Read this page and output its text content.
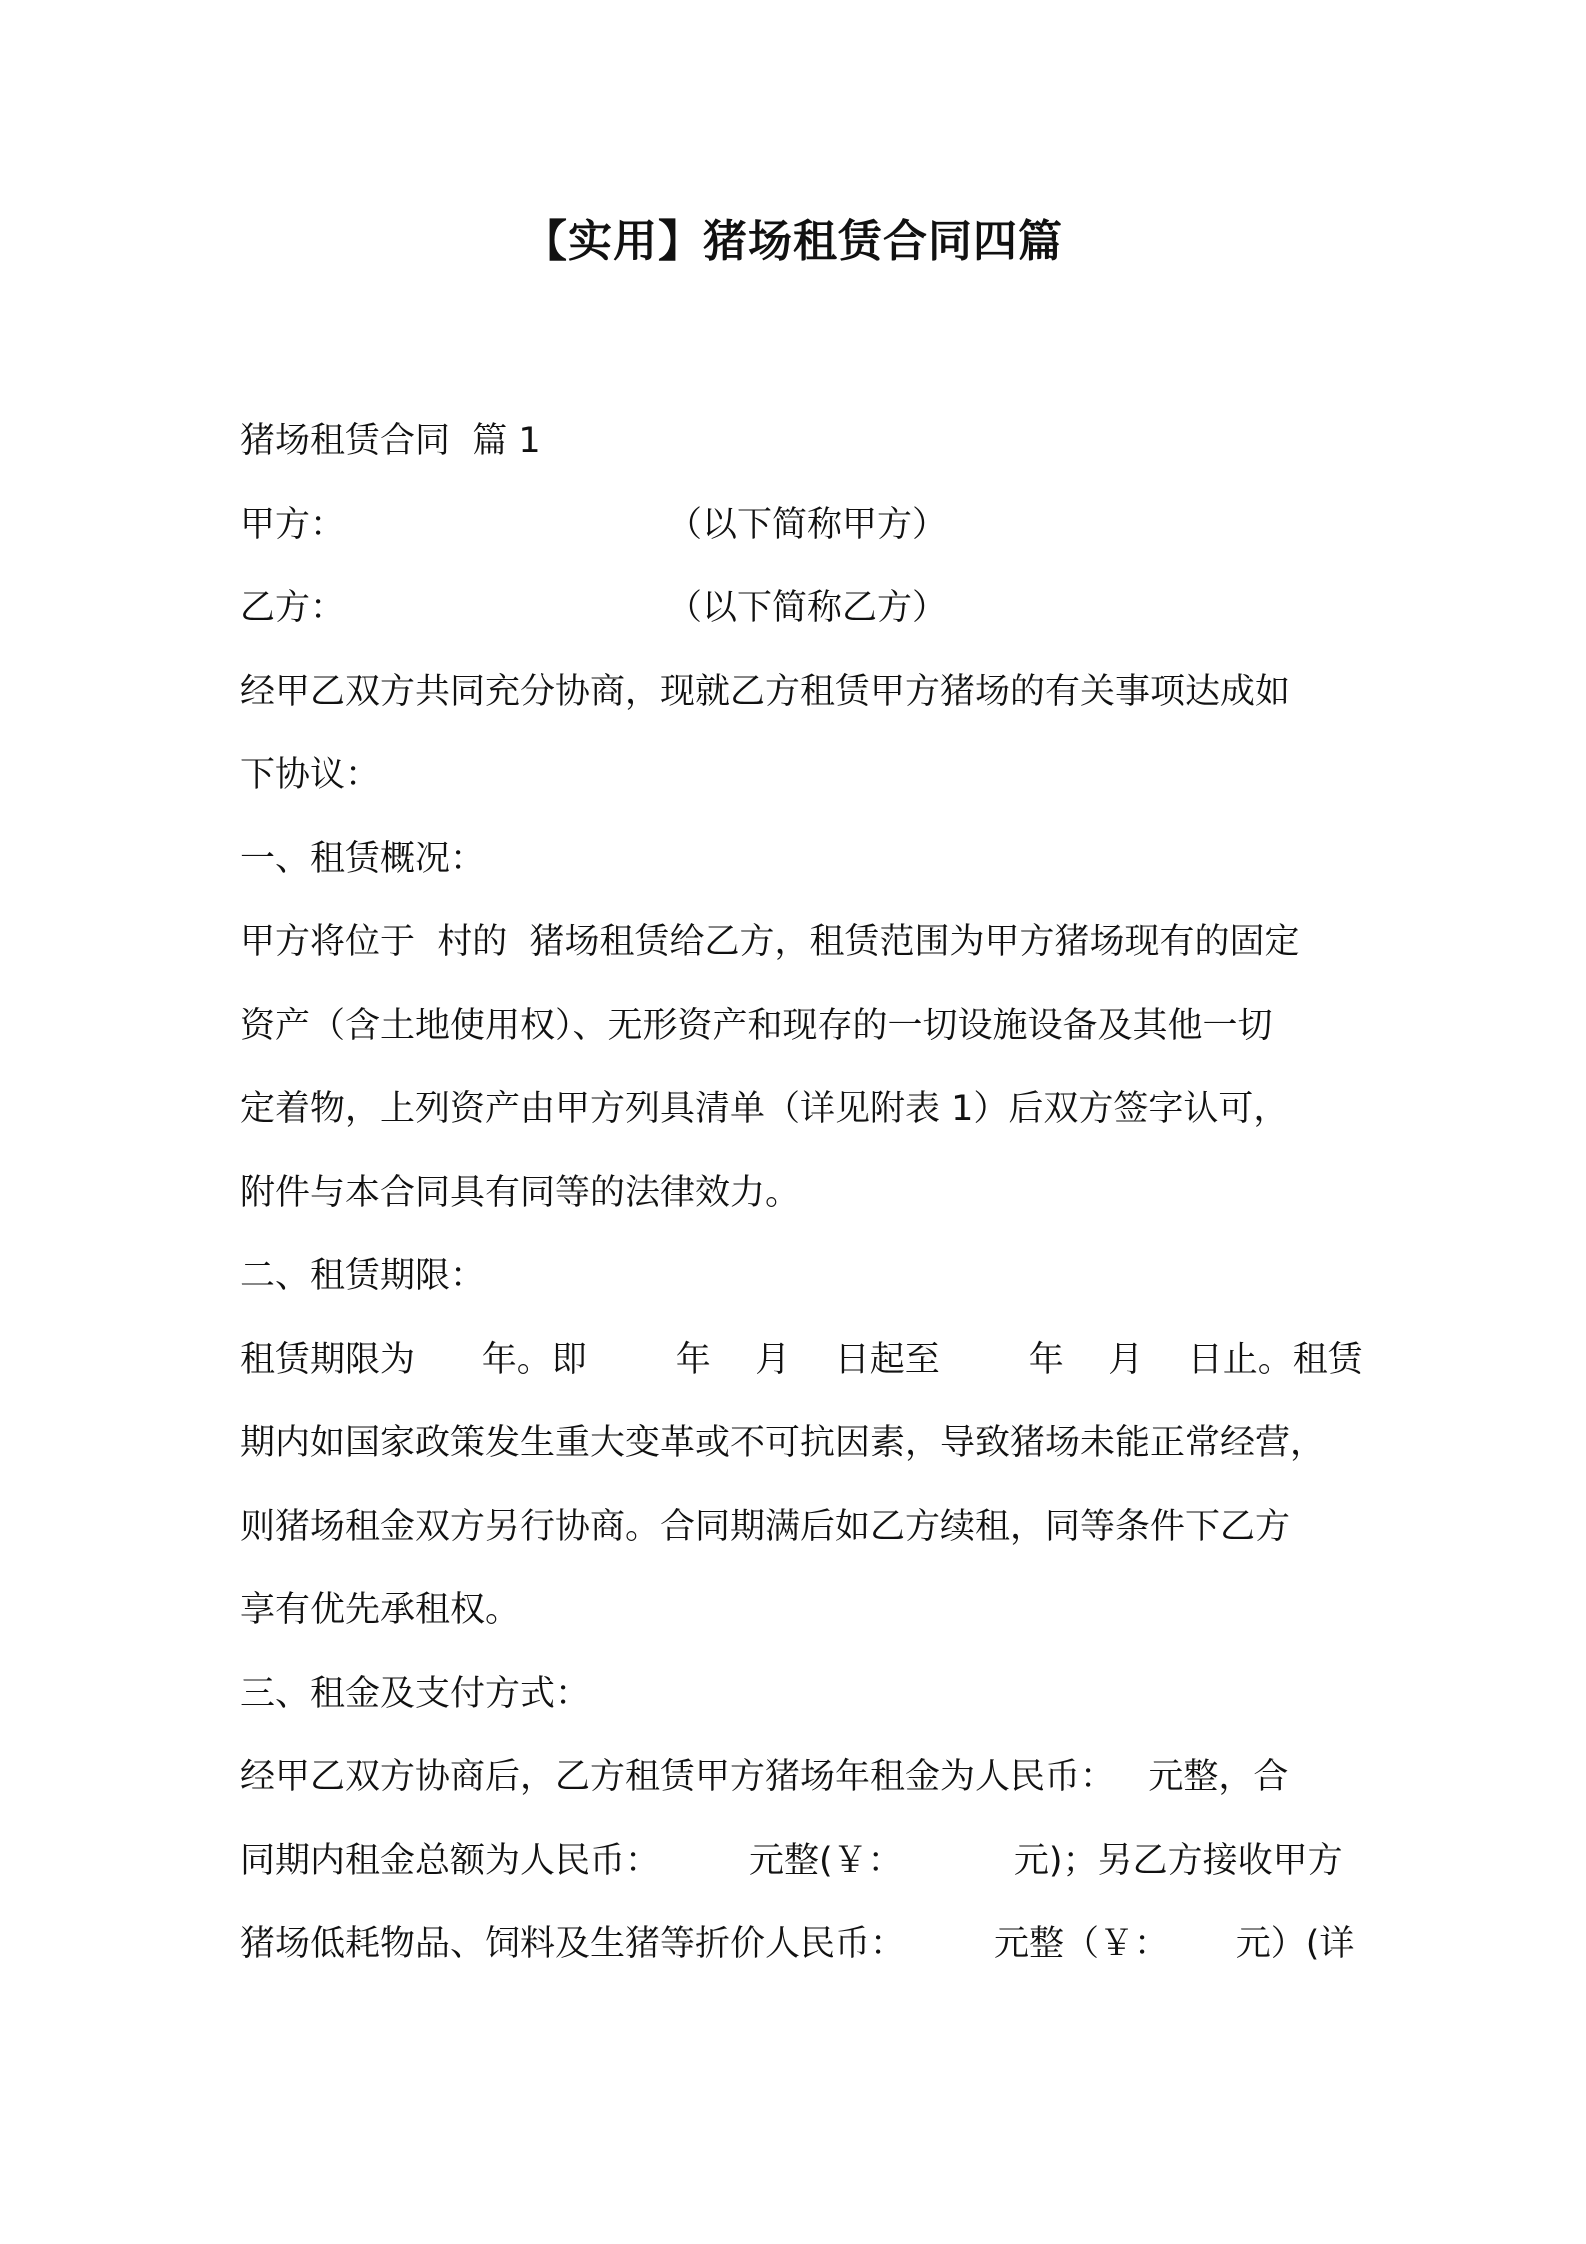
【实用】猪场租赁合同四篇
猪场租赁合同  篇 1
甲方：	（以下简称甲方）
乙方：	（以下简称乙方）
经甲乙双方共同充分协商，现就乙方租赁甲方猪场的有关事项达成如
下协议：
一、租赁概况：
甲方将位于  村的  猪场租赁给乙方，租赁范围为甲方猪场现有的固定
资产（含土地使用权）、无形资产和现存的一切设施设备及其他一切
定着物，上列资产由甲方列具清单（详见附表 1）后双方签字认可，
附件与本合同具有同等的法律效力。
二、租赁期限：
租赁期限为      年。即        年    月    日起至        年    月    日止。租赁
期内如国家政策发生重大变革或不可抗因素，导致猪场未能正常经营，
则猪场租金双方另行协商。合同期满后如乙方续租，同等条件下乙方
享有优先承租权。
三、租金及支付方式：
经甲乙双方协商后，乙方租赁甲方猪场年租金为人民币：   元整，合
同期内租金总额为人民币：        元整(￥：          元)；另乙方接收甲方
猪场低耗物品、饲料及生猪等折价人民币：        元整（￥：      元）(详
